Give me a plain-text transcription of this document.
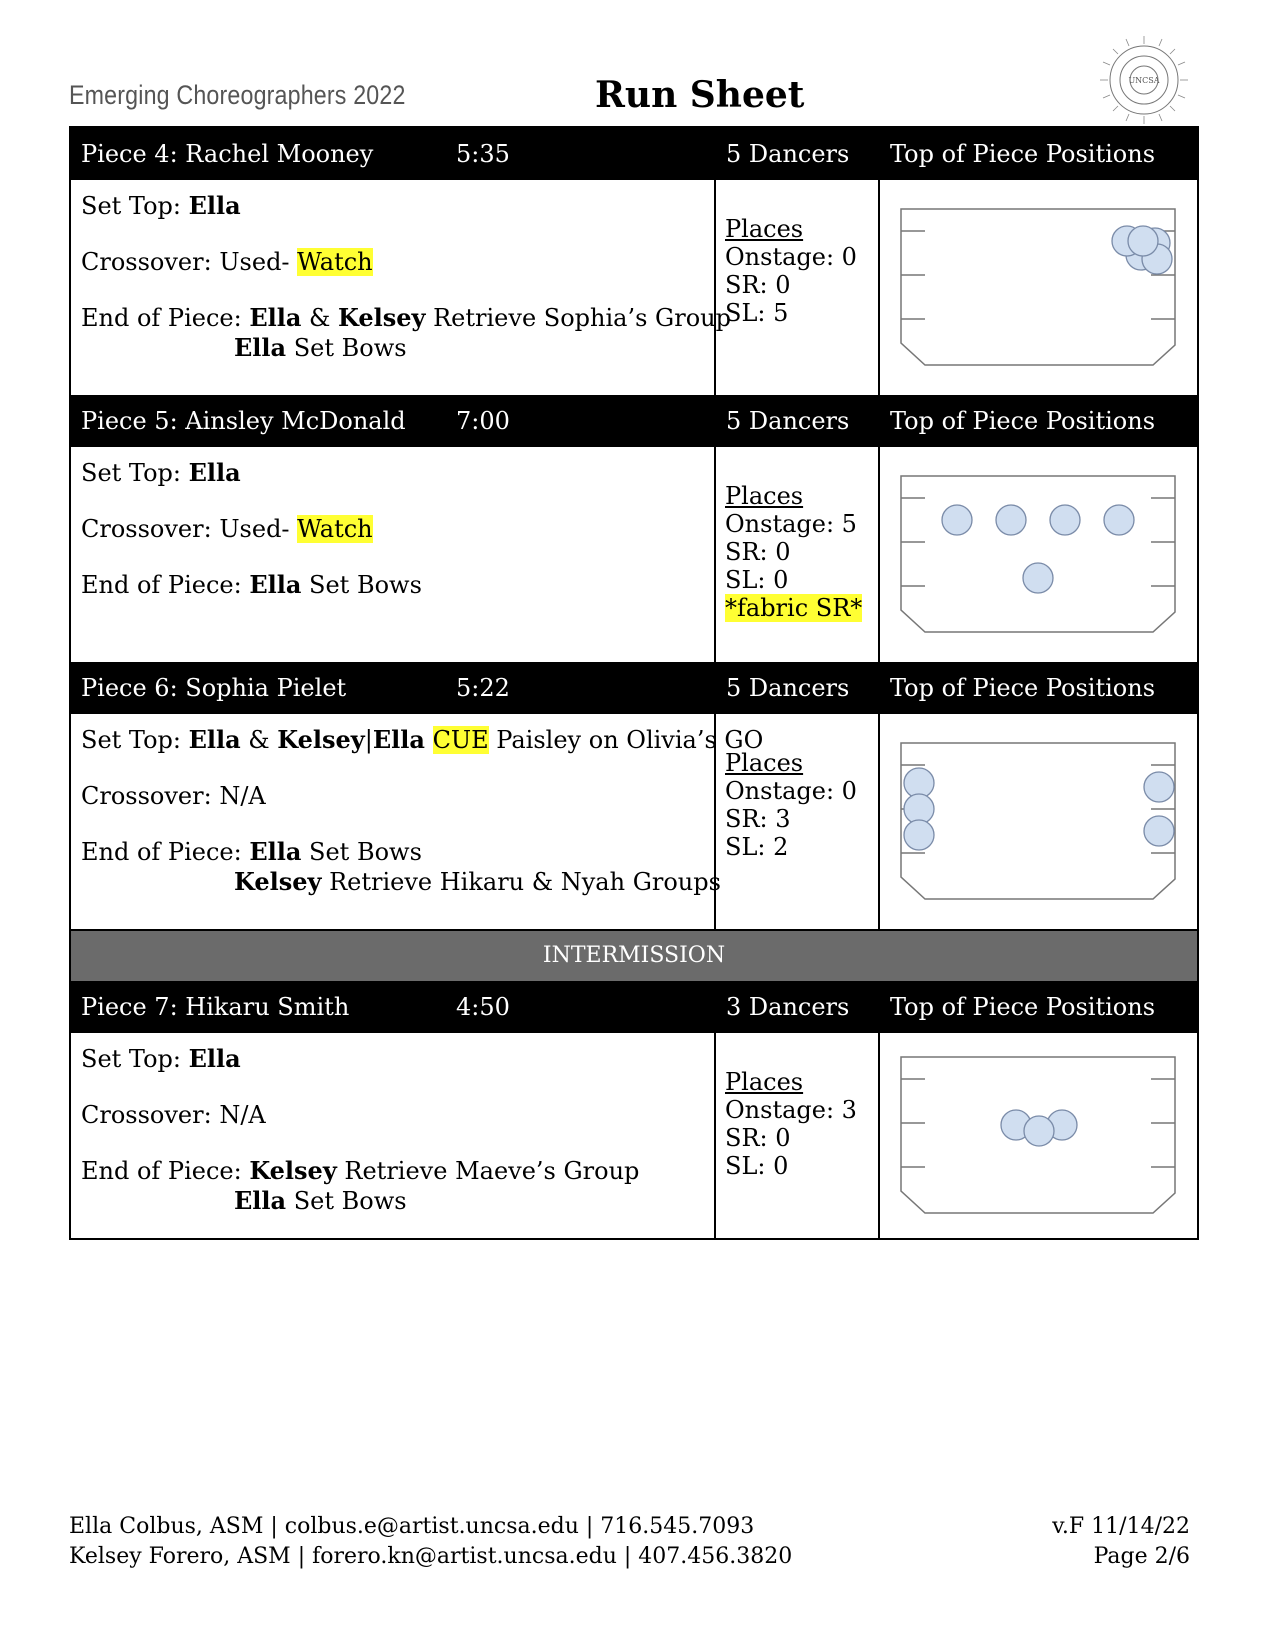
Emerging Choreographers 2022	Run Sheet	UNCSA
Piece 4: Rachel Mooney	5:35	5 Dancers	Top of Piece Positions

Set Top: Ella

Crossover: Used- Watch

End of Piece: Ella & Kelsey Retrieve Sophia’s Group
Ella Set Bows

Places
Onstage: 0
SR: 0
SL: 5
Piece 5: Ainsley McDonald 7:00	5 Dancers	Top of Piece Positions

Set Top: Ella

Crossover: Used- Watch

End of Piece: Ella Set Bows

Places
Onstage: 5
SR: 0
SL: 0
*fabric SR*
Piece 6: Sophia Pielet	5:22	5 Dancers	Top of Piece Positions

Set Top: Ella & Kelsey|Ella CUE Paisley on Olivia’s GO

Crossover: N/A

End of Piece: Ella Set Bows
Kelsey Retrieve Hikaru & Nyah Groups

Places
Onstage: 0
SR: 3
SL: 2
INTERMISSION
Piece 7: Hikaru Smith	4:50	3 Dancers	Top of Piece Positions

Set Top: Ella

Crossover: N/A

End of Piece: Kelsey Retrieve Maeve’s Group
Ella Set Bows

Places
Onstage: 3
SR: 0
SL: 0
Ella Colbus, ASM | colbus.e@artist.uncsa.edu | 716.545.7093
Kelsey Forero, ASM | forero.kn@artist.uncsa.edu | 407.456.3820
v.F 11/14/22
Page 2/6
